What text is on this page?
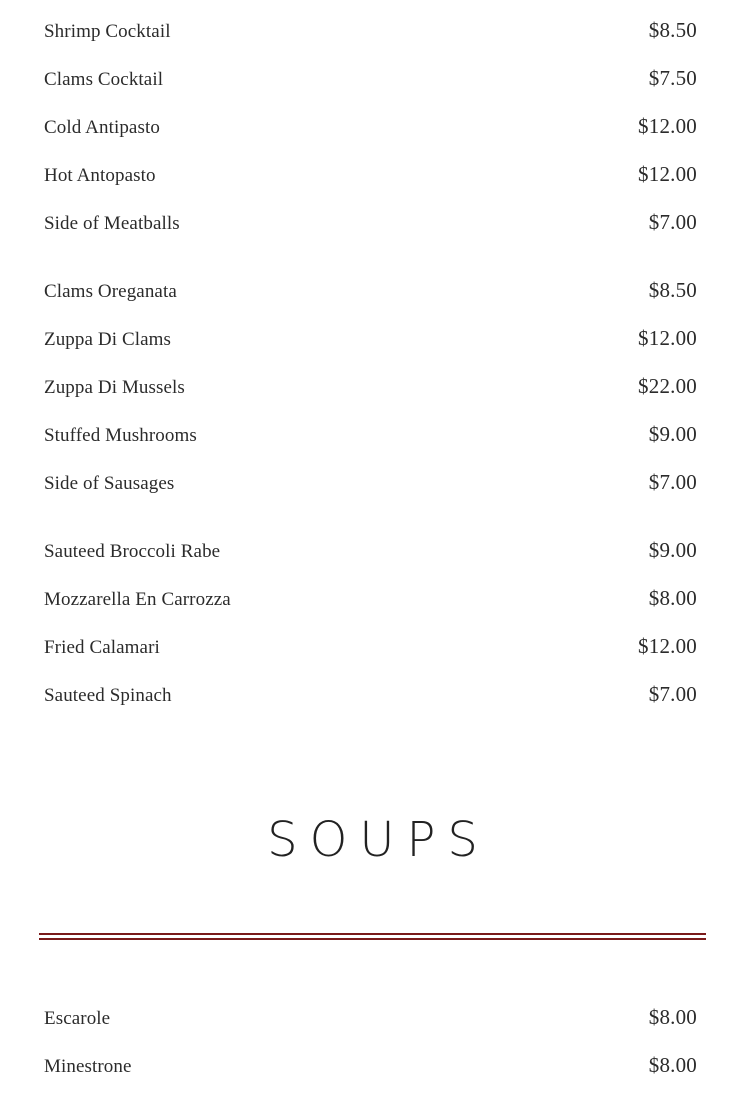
Shrimp Cocktail	$8.50
Clams Cocktail	$7.50
Cold Antipasto	$12.00
Hot Antopasto	$12.00
Side of Meatballs	$7.00
Clams Oreganata	$8.50
Zuppa Di Clams	$12.00
Zuppa Di Mussels	$22.00
Stuffed Mushrooms	$9.00
Side of Sausages	$7.00
Sauteed Broccoli Rabe	$9.00
Mozzarella En Carrozza	$8.00
Fried Calamari	$12.00
Sauteed Spinach	$7.00
SOUPS
Escarole	$8.00
Minestrone	$8.00
